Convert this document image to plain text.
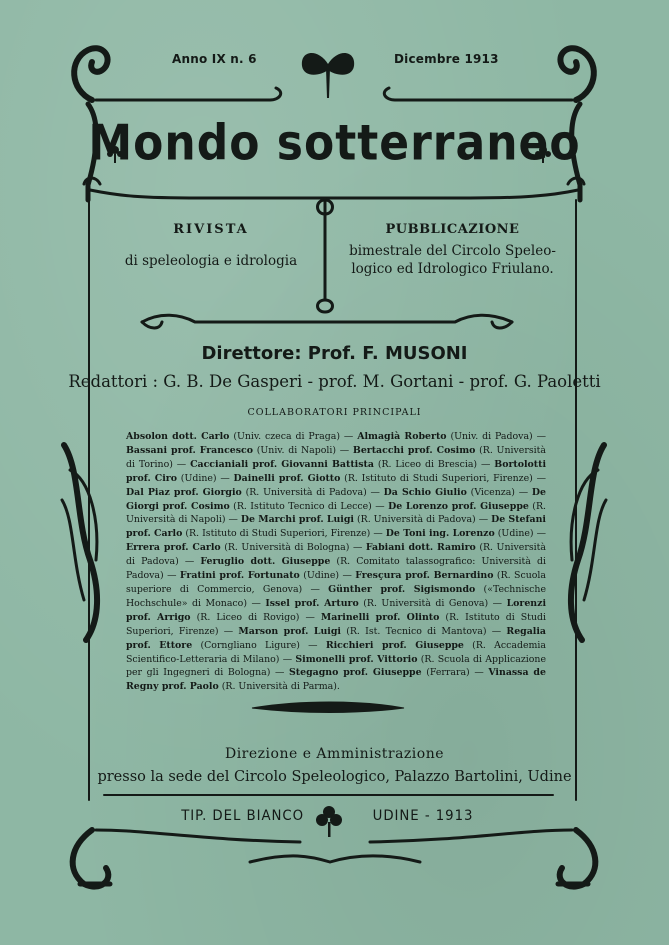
Anno IX n. 6	Dicembre 1913
Mondo sotterraneo
RIVISTA
di speleologia e idrologia
PUBBLICAZIONE
bimestrale del Circolo Speleo-
logico ed Idrologico Friulano.
Direttore: Prof. F. MUSONI
Redattori : G. B. De Gasperi - prof. M. Gortani - prof. G. Paoletti
COLLABORATORI PRINCIPALI
Absolon dott. Carlo (Univ. czeca di Praga) — Almagià Roberto (Univ. di Padova) — Bassani prof. Francesco (Univ. di Napoli) — Bertacchi prof. Cosimo (R. Università di Torino) — Caccianiali prof. Giovanni Battista (R. Liceo di Brescia) — Bortolotti prof. Ciro (Udine) — Dainelli prof. Giotto (R. Istituto di Studi Superiori, Firenze) — Dal Piaz prof. Giorgio (R. Università di Padova) — Da Schio Giulio (Vicenza) — De Giorgi prof. Cosimo (R. Istituto Tecnico di Lecce) — De Lorenzo prof. Giuseppe (R. Università di Napoli) — De Marchi prof. Luigi (R. Università di Padova) — De Stefani prof. Carlo (R. Istituto di Studi Superiori, Firenze) — De Toni ing. Lorenzo (Udine) — Errera prof. Carlo (R. Università di Bologna) — Fabiani dott. Ramiro (R. Università di Padova) — Feruglio dott. Giuseppe (R. Comitato talassografico: Università di Padova) — Fratini prof. Fortunato (Udine) — Fresçura prof. Bernardino (R. Scuola superiore di Commercio, Genova) — Günther prof. Sigismondo («Technische Hochschule» di Monaco) — Issel prof. Arturo (R. Università di Genova) — Lorenzi prof. Arrigo (R. Liceo di Rovigo) — Marinelli prof. Olinto (R. Istituto di Studi Superiori, Firenze) — Marson prof. Luigi (R. Ist. Tecnico di Mantova) — Regalia prof. Ettore (Corngliano Ligure) — Ricchieri prof. Giuseppe (R. Accademia Scientifico-Letteraria di Milano) — Simonelli prof. Vittorio (R. Scuola di Applicazione per gli Ingegneri di Bologna) — Stegagno prof. Giuseppe (Ferrara) — Vinassa de Regny prof. Paolo (R. Università di Parma).
Direzione e Amministrazione
presso la sede del Circolo Speleologico, Palazzo Bartolini, Udine
TIP. DEL BIANCO	UDINE - 1913
